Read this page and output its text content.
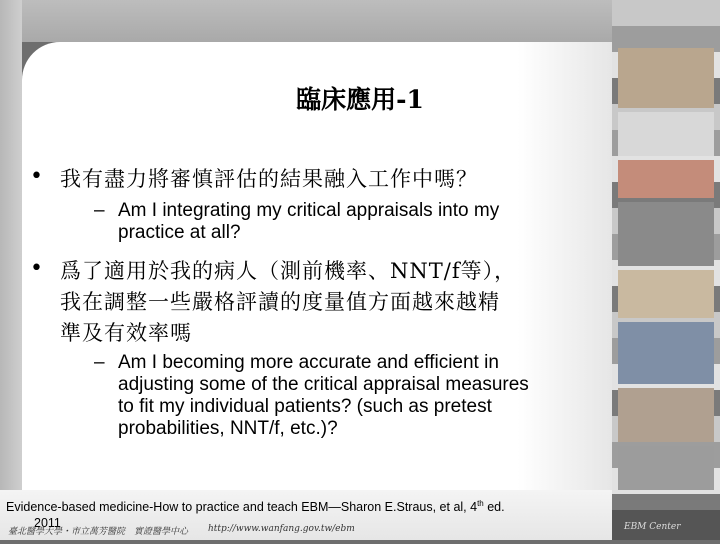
臨床應用-1
• 我有盡力將審慎評估的結果融入工作中嗎？
– Am I integrating my critical appraisals into my
practice at all?
• 爲了適用於我的病人（測前機率、NNT/f等），
我在調整一些嚴格評讀的度量值方面越來越精
準及有效率嗎
– Am I becoming more accurate and efficient in
adjusting some of the critical appraisal measures
to fit my individual patients? (such as pretest
probabilities, NNT/f, etc.)?
Evidence-based medicine-How to practice and teach EBM—Sharon E.Straus, et al, 4th ed.
2011
臺北醫學大學・市立萬芳醫院　實證醫學中心 http://www.wanfang.gov.tw/ebm	EBM Center
